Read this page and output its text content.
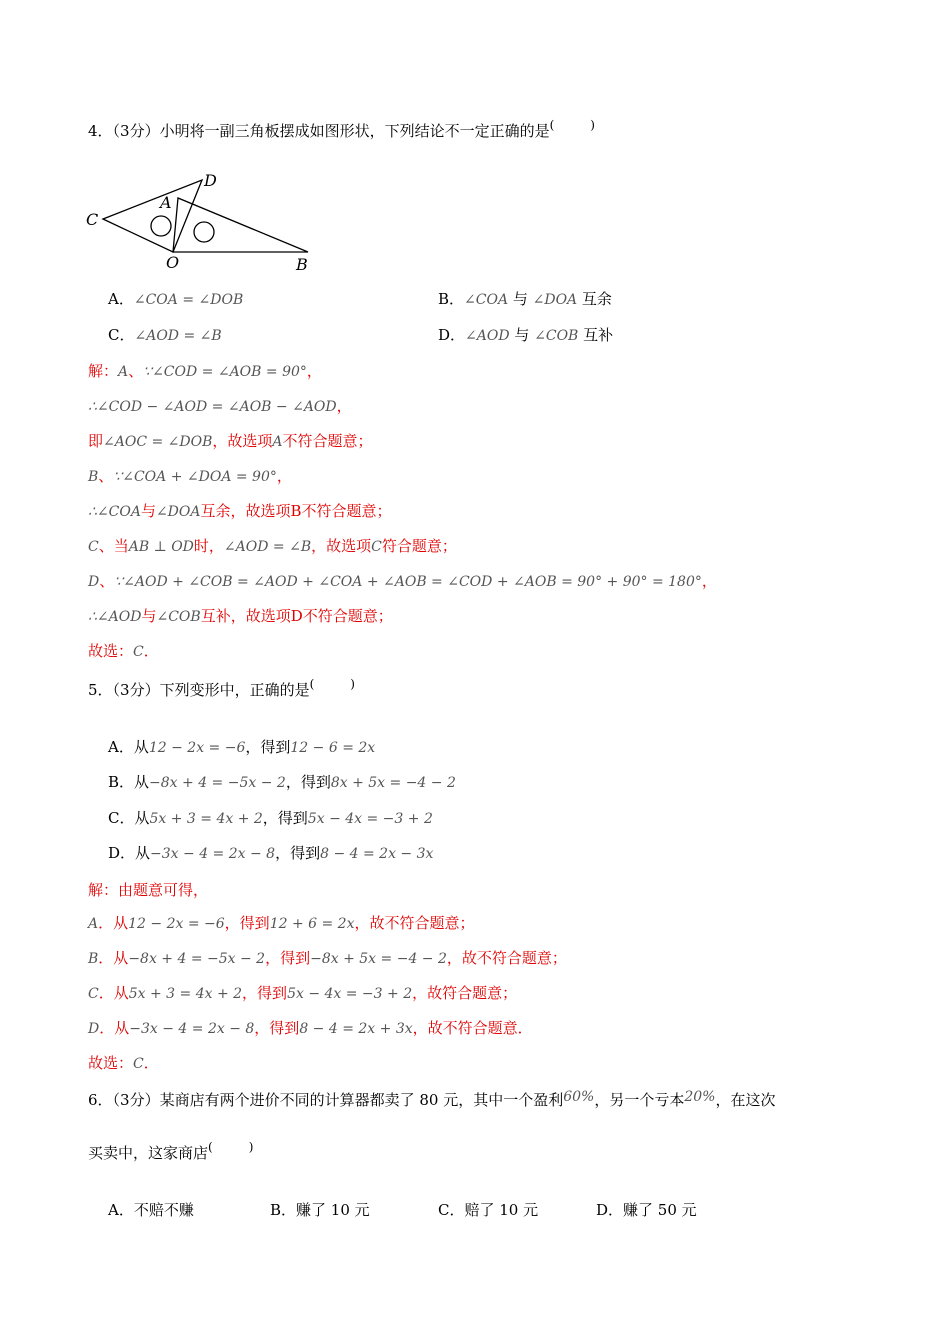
4．（3分）小明将一副三角板摆成如图形状，下列结论不一定正确的是(　　　)
C
D
A
O	B
A．∠COA = ∠DOB	B．∠COA 与 ∠DOA 互余
C．∠AOD = ∠B	D．∠AOD 与 ∠COB 互补
解：A、∵∠COD = ∠AOB = 90°，
∴∠COD − ∠AOD = ∠AOB − ∠AOD，
即∠AOC = ∠DOB，故选项A不符合题意；
B、∵∠COA + ∠DOA = 90°，
∴∠COA与∠DOA互余，故选项B不符合题意；
C、当AB ⊥ OD时，∠AOD = ∠B，故选项C符合题意；
D、∵∠AOD + ∠COB = ∠AOD + ∠COA + ∠AOB = ∠COD + ∠AOB = 90° + 90° = 180°，
∴∠AOD与∠COB互补，故选项D不符合题意；
故选：C．
5．（3分）下列变形中，正确的是(　　　)
A．从12 − 2x = −6，得到12 − 6 = 2x
B．从−8x + 4 = −5x − 2，得到8x + 5x = −4 − 2
C．从5x + 3 = 4x + 2，得到5x − 4x = −3 + 2
D．从−3x − 4 = 2x − 8，得到8 − 4 = 2x − 3x
解：由题意可得，
A．从12 − 2x = −6，得到12 + 6 = 2x，故不符合题意；
B．从−8x + 4 = −5x − 2，得到−8x + 5x = −4 − 2，故不符合题意；
C．从5x + 3 = 4x + 2，得到5x − 4x = −3 + 2，故符合题意；
D．从−3x − 4 = 2x − 8，得到8 − 4 = 2x + 3x，故不符合题意．
故选：C．
6．（3分）某商店有两个进价不同的计算器都卖了 80 元，其中一个盈利60%，另一个亏本20%，在这次
买卖中，这家商店(　　　)
A．不赔不赚	B．赚了 10 元	C．赔了 10 元	D．赚了 50 元
